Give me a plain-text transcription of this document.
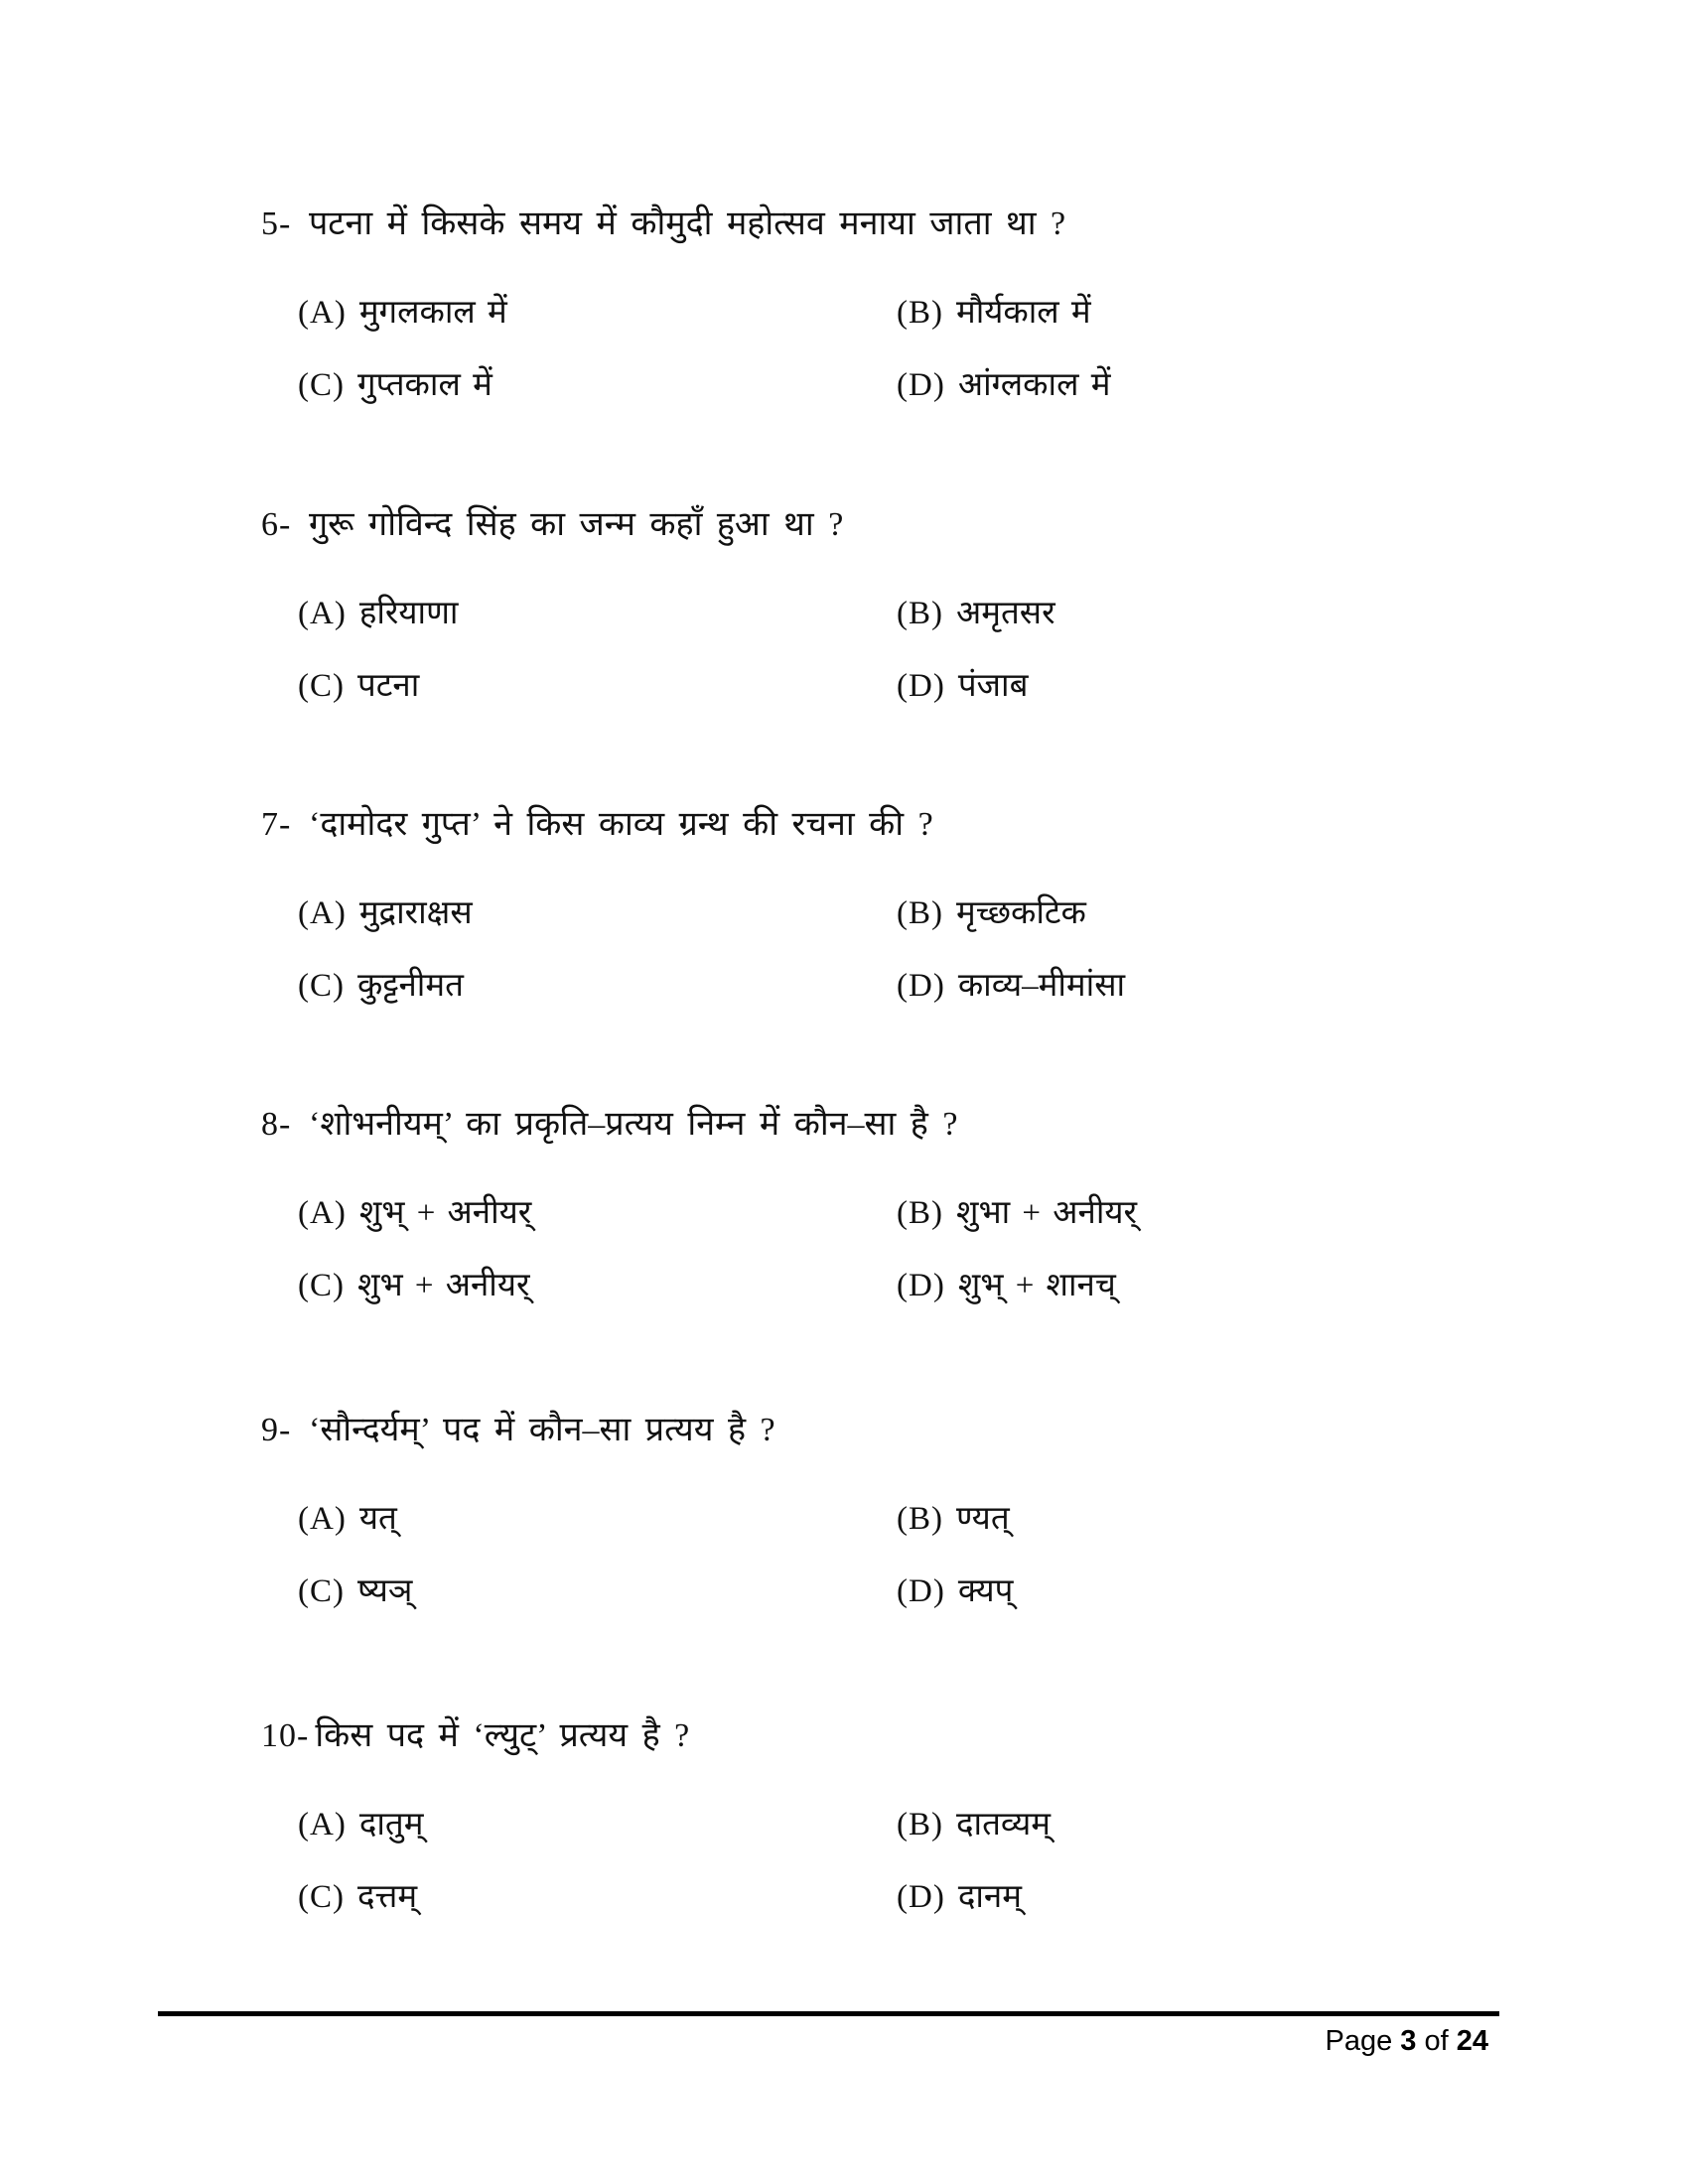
5- पटना में किसके समय में कौमुदी महोत्सव मनाया जाता था ?
(A) मुगलकाल में	(B) मौर्यकाल में
(C) गुप्तकाल में	(D) आंग्लकाल में
6- गुरू गोविन्द सिंह का जन्म कहाँ हुआ था ?
(A) हरियाणा	(B) अमृतसर
(C) पटना	(D) पंजाब
7- ‘दामोदर गुप्त’ ने किस काव्य ग्रन्थ की रचना की ?
(A) मुद्राराक्षस	(B) मृच्छकटिक
(C) कुट्टनीमत	(D) काव्य–मीमांसा
8- ‘शोभनीयम्’ का प्रकृति–प्रत्यय निम्न में कौन–सा है ?
(A) शुभ् + अनीयर्	(B) शुभा + अनीयर्
(C) शुभ + अनीयर्	(D) शुभ् + शानच्
9- ‘सौन्दर्यम्’ पद में कौन–सा प्रत्यय है ?
(A) यत्	(B) ण्यत्
(C) ष्यञ्	(D) क्यप्
10- किस पद में ‘ल्युट्’ प्रत्यय है ?
(A) दातुम्	(B) दातव्यम्
(C) दत्तम्	(D) दानम्
Page 3 of 24
